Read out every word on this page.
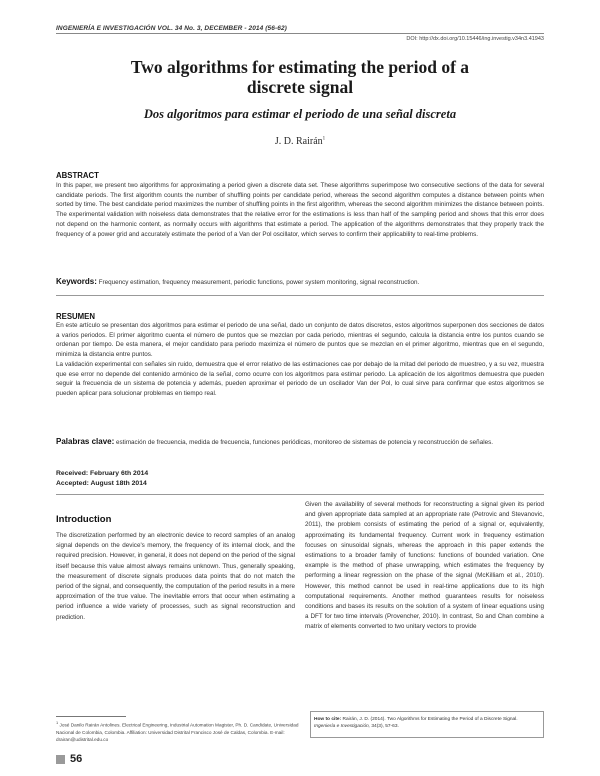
INGENIERÍA E INVESTIGACIÓN VOL. 34 No. 3, DECEMBER - 2014 (56-62)
DOI: http://dx.doi.org/10.15446/ing.investig.v34n3.41943
Two algorithms for estimating the period of a
discrete signal
Dos algoritmos para estimar el periodo de una señal discreta
J. D. Rairán$^1$
ABSTRACT

In this paper, we present two algorithms for approximating a period given a discrete data set. These algorithms superimpose two consecutive sections of the data for several candidate periods. The first algorithm counts the number of shuffling points per candidate period, whereas the second algorithm computes a distance between points when sorted by time. The best candidate period maximizes the number of shuffling points in the first algorithm, whereas the second algorithm minimizes the distance between points. The experimental validation with noiseless data demonstrates that the relative error for the estimations is less than half of the sampling period and shows that this error does not depend on the harmonic content, as normally occurs with algorithms that estimate a period. The application of the algorithms demonstrates that they properly track the frequency of a power grid and accurately estimate the period of a Van der Pol oscillator, which serves to confirm their applicability to real-time problems.

Keywords: Frequency estimation, frequency measurement, periodic functions, power system monitoring, signal reconstruction.
RESUMEN

En este artículo se presentan dos algoritmos para estimar el periodo de una señal, dado un conjunto de datos discretos, estos algoritmos superponen dos secciones de datos a varios periodos. El primer algoritmo cuenta el número de puntos que se mezclan por cada periodo, mientras el segundo, calcula la distancia entre los puntos cuando se ordenan por tiempo. De esta manera, el mejor candidato para periodo maximiza el número de puntos que se mezclan en el primer algoritmo, mientras que en el segundo, minimiza la distancia entre puntos.

La validación experimental con señales sin ruido, demuestra que el error relativo de las estimaciones cae por debajo de la mitad del periodo de muestreo, y a su vez, muestra que ese error no depende del contenido armónico de la señal, como ocurre con los algoritmos para estimar periodo. La aplicación de los algoritmos demuestra que pueden seguir la frecuencia de un sistema de potencia y además, pueden aproximar el periodo de un oscilador Van der Pol, lo cual sirve para confirmar que estos algoritmos se pueden aplicar para solucionar problemas en tiempo real.

Palabras clave: estimación de frecuencia, medida de frecuencia, funciones periódicas, monitoreo de sistemas de potencia y reconstrucción de señales.
Received: February 6th 2014
Accepted: August 18th 2014
Introduction

The discretization performed by an electronic device to record samples of an analog signal depends on the device's memory, the frequency of its internal clock, and the required precision. However, in general, it does not depend on the period of the signal itself because this value almost always remains unknown. Thus, generally speaking, the measurement of discrete signals produces data points that do not match the period of the signal, and consequently, the computation of the period results in a mere approximation of the true value. The inevitable errors that occur when estimating a period influence a wide variety of processes, such as signal reconstruction and prediction.

Given the availability of several methods for reconstructing a signal given its period and given appropriate data sampled at an appropriate rate (Petrovic and Stevanovic, 2011), the problem consists of estimating the period of a signal or, equivalently, approximating its fundamental frequency. Current work in frequency estimation focuses on sinusoidal signals, whereas the approach in this paper extends the estimations to a broader family of functions: functions of bounded variation. One example is the method of phase unwrapping, which estimates the frequency by performing a linear regression on the phase of the signal (McKilliam et al., 2010). However, this method cannot be used in real-time applications due to its high computational requirements. Another method guarantees results for noiseless conditions and bases its results on the solution of a system of linear equations using a DFT for two time intervals (Provencher, 2010). In contrast, So and Chan combine a matrix of elements converted to two unitary vectors to provide

$^1$ José Danilo Rairán Antolines. Electrical Engineering, Industrial Automation Magister, Ph. D. Candidate, Universidad Nacional de Colombia, Colombia. Affiliation: Universidad Distrital Francisco José de Caldas, Colombia. E-mail: drairan@udistrital.edu.co
How to cite: Rairán, J. D. (2014). Two Algorithms for Estimating the Period of a Discrete Signal. Ingeniería e Investigación, 34(3), 57-63.
56
